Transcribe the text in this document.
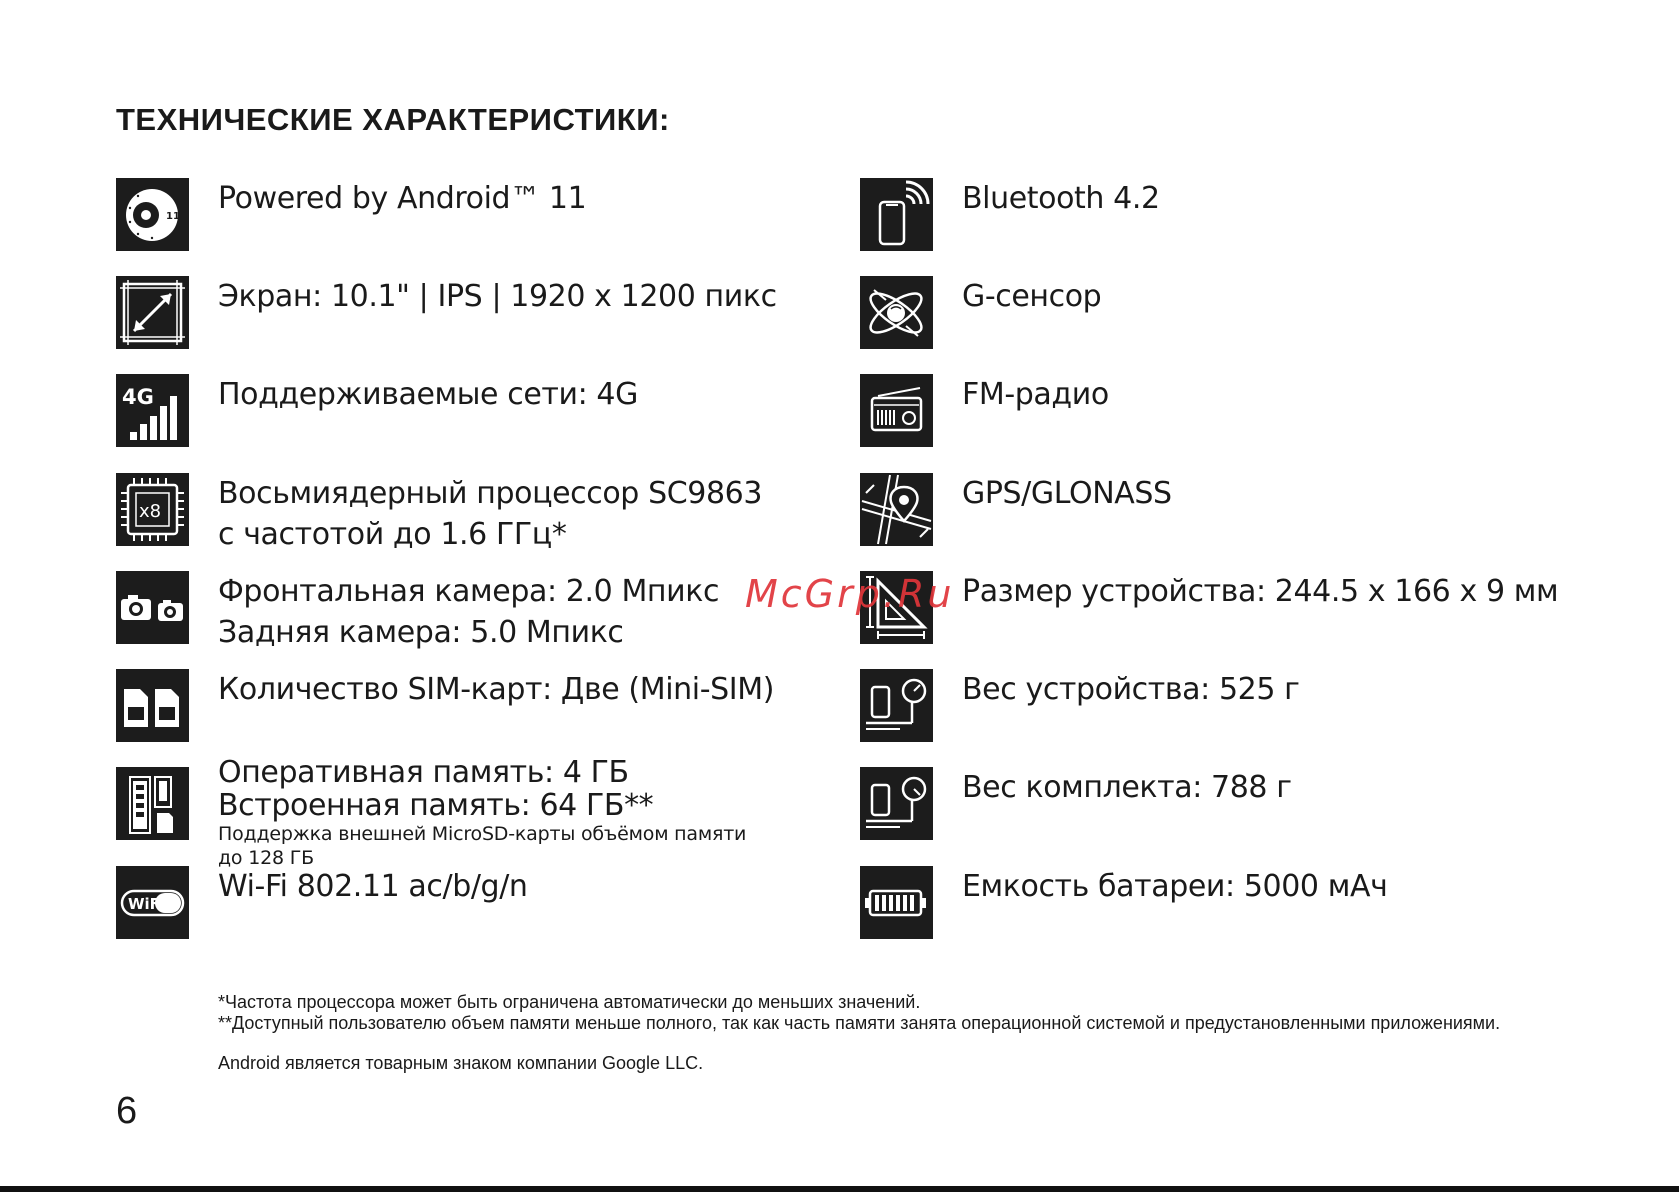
ТЕХНИЧЕСКИЕ ХАРАКТЕРИСТИКИ:
11
Powered by Android™ 11
Экран: 10.1" | IPS | 1920 х 1200 пикс
4G Поддерживаемые сети: 4G
x8
Восьмиядерный процессор SC9863
с частотой до 1.6 ГГц*
Фронтальная камера: 2.0 Мпикс
Задняя камера: 5.0 Мпикс
Количество SIM-карт: Две (Mini-SIM)
Оперативная память: 4 ГБ
Встроенная память: 64 ГБ**
Поддержка внешней MicroSD-карты объёмом памяти
до 128 ГБ
WiFi Wi-Fi 802.11 ac/b/g/n
Bluetooth 4.2
G-сенсор
FM-радио
GPS/GLONASS
Размер устройства: 244.5 х 166 х 9 мм
Вес устройства: 525 г
Вес комплекта: 788 г
Емкость батареи: 5000 мАч
McGrp.Ru
*Частота процессора может быть ограничена автоматически до меньших значений.
**Доступный пользователю объем памяти меньше полного, так как часть памяти занята операционной системой и предустановленными приложениями.
Android является товарным знаком компании Google LLC.
6
